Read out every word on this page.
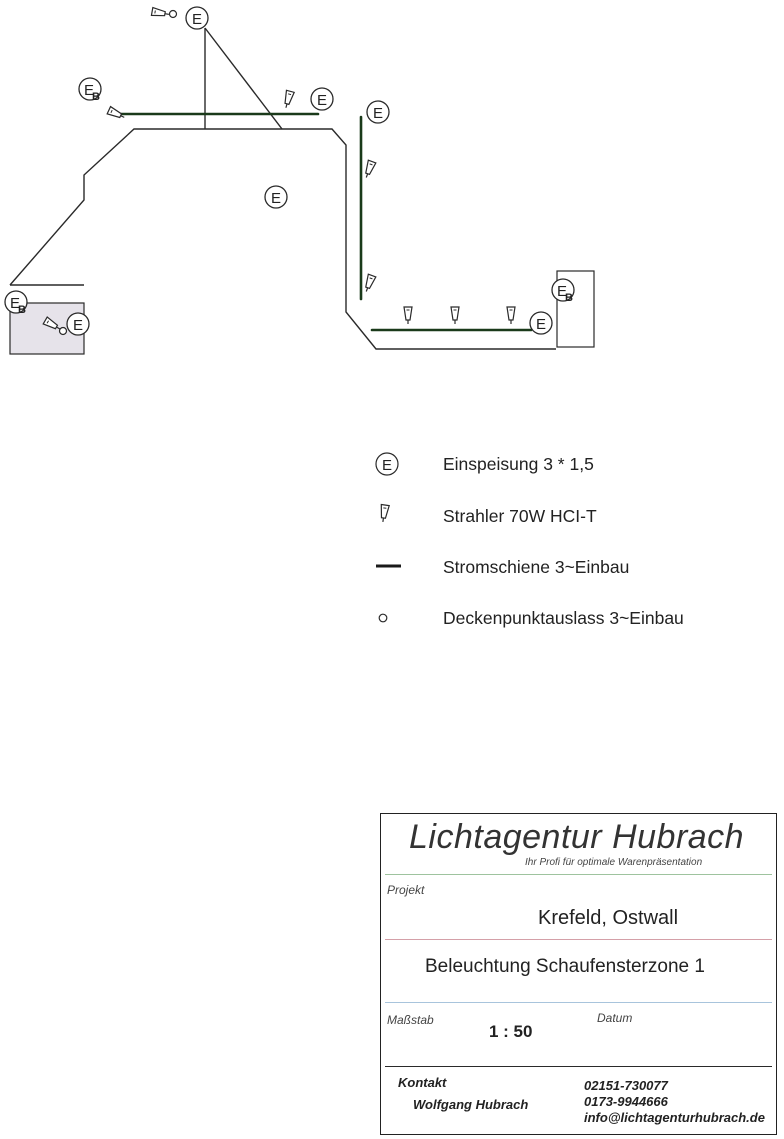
E
E
E
E
E	E
E
B
E
B
E
B
E	Einspeisung 3 * 1,5
Strahler 70W HCI-T
Stromschiene 3~Einbau
Deckenpunktauslass 3~Einbau
Lichtagentur Hubrach
Ihr Profi für optimale Warenpräsentation
Projekt
Krefeld, Ostwall
Beleuchtung Schaufensterzone 1
Maßstab
1 : 50
Datum
Kontakt
Wolfgang Hubrach
02151-730077
0173-9944666
info@lichtagenturhubrach.de
